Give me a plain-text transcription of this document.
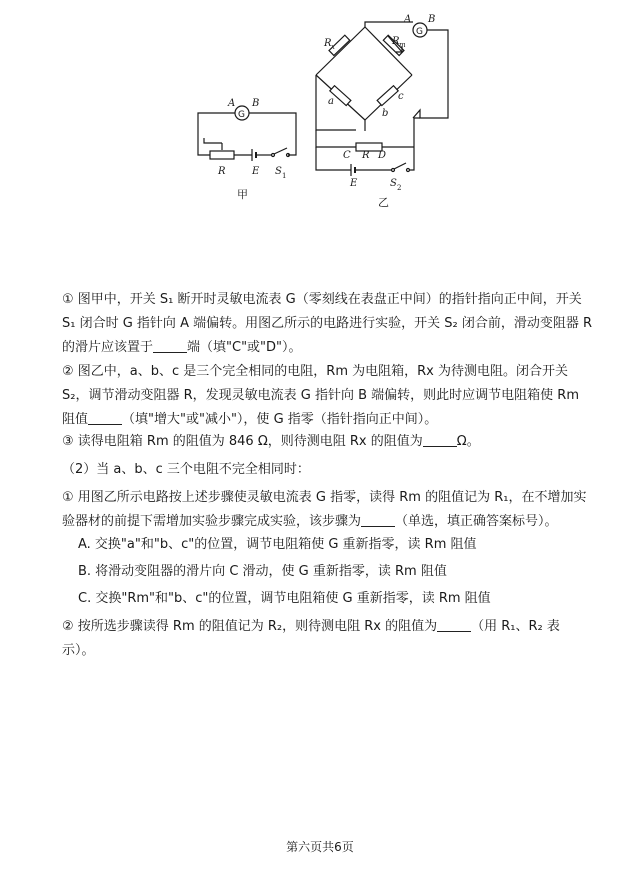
G
A B
R	E S 1
甲
G
A B
R x	R m
a
b
c
C R D
E	S 2
乙

① 图甲中，开关 S₁ 断开时灵敏电流表 G（零刻线在表盘正中间）的指针指向正中间，开关 S₁ 闭合时 G 指针向 A 端偏转。用图乙所示的电路进行实验，开关 S₂ 闭合前，滑动变阻器 R 的滑片应该置于	端（填"C"或"D"）。

② 图乙中，a、b、c 是三个完全相同的电阻，Rm 为电阻箱，Rx 为待测电阻。闭合开关 S₂，调节滑动变阻器 R，发现灵敏电流表 G 指针向 B 端偏转，则此时应调节电阻箱使 Rm 阻值	（填"增大"或"减小"），使 G 指零（指针指向正中间）。

③ 读得电阻箱 Rm 的阻值为 846 Ω，则待测电阻 Rx 的阻值为	Ω。

（2）当 a、b、c 三个电阻不完全相同时：

① 用图乙所示电路按上述步骤使灵敏电流表 G 指零，读得 Rm 的阻值记为 R₁，在不增加实验器材的前提下需增加实验步骤完成实验，该步骤为	（单选，填正确答案标号）。

A. 交换"a"和"b、c"的位置，调节电阻箱使 G 重新指零，读 Rm 阻值

B. 将滑动变阻器的滑片向 C 滑动，使 G 重新指零，读 Rm 阻值

C. 交换"Rm"和"b、c"的位置，调节电阻箱使 G 重新指零，读 Rm 阻值

② 按所选步骤读得 Rm 的阻值记为 R₂，则待测电阻 Rx 的阻值为	（用 R₁、R₂ 表示）。

第六页共6页
